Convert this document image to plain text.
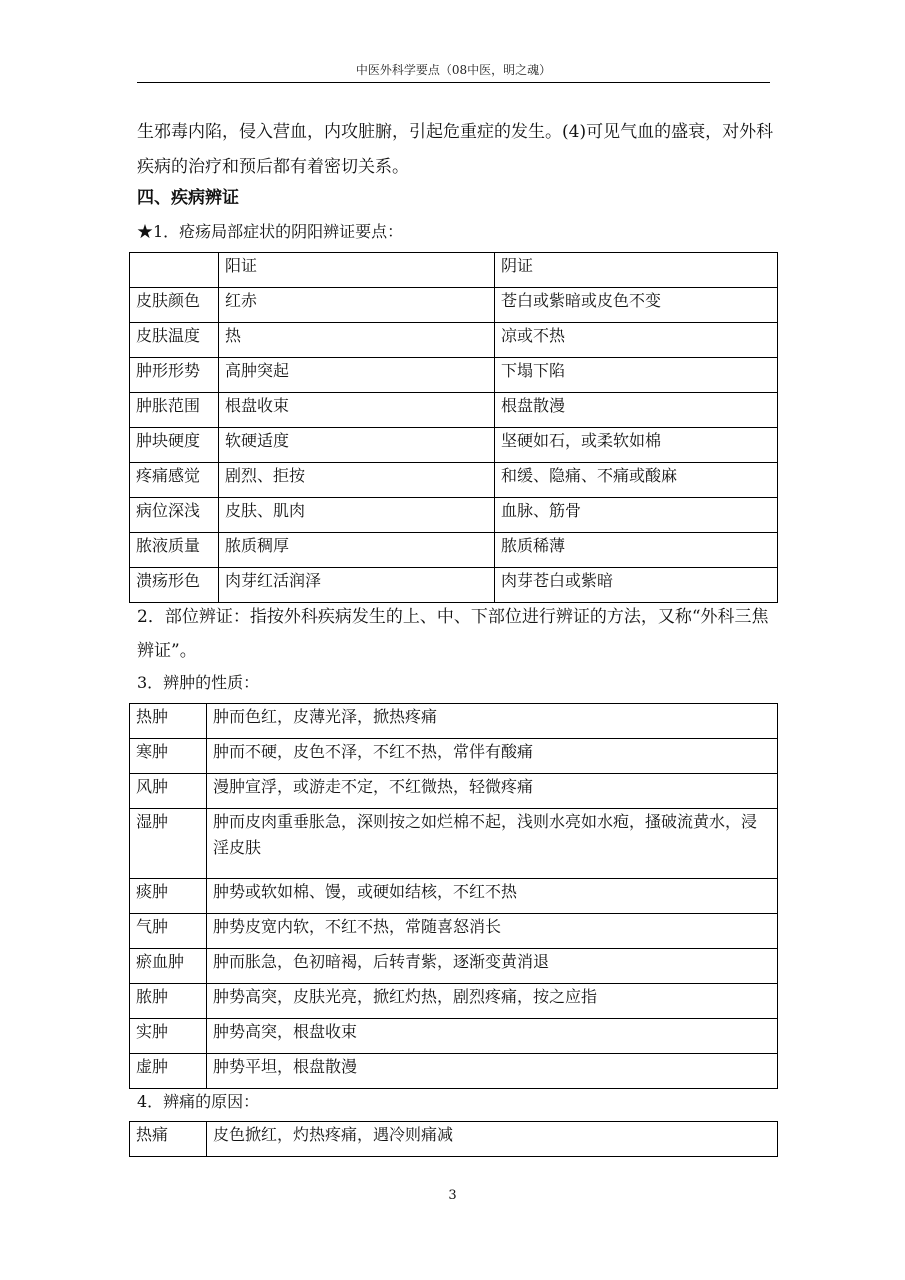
中医外科学要点（08中医，明之魂）

生邪毒内陷，侵入营血，内攻脏腑，引起危重症的发生。(4)可见气血的盛衰，对外科疾病的治疗和预后都有着密切关系。

四、疾病辨证

★1．疮疡局部症状的阴阳辨证要点：

	阳证	阴证
皮肤颜色	红赤	苍白或紫暗或皮色不变
皮肤温度	热	凉或不热
肿形形势	高肿突起	下塌下陷
肿胀范围	根盘收束	根盘散漫
肿块硬度	软硬适度	坚硬如石，或柔软如棉
疼痛感觉	剧烈、拒按	和缓、隐痛、不痛或酸麻
病位深浅	皮肤、肌肉	血脉、筋骨
脓液质量	脓质稠厚	脓质稀薄
溃疡形色	肉芽红活润泽	肉芽苍白或紫暗

2．部位辨证：指按外科疾病发生的上、中、下部位进行辨证的方法，又称“外科三焦辨证”。

3．辨肿的性质：

热肿	肿而色红，皮薄光泽，掀热疼痛
寒肿	肿而不硬，皮色不泽，不红不热，常伴有酸痛
风肿	漫肿宣浮，或游走不定，不红微热，轻微疼痛
湿肿	肿而皮肉重垂胀急，深则按之如烂棉不起，浅则水亮如水疱，搔破流黄水，浸淫皮肤
痰肿	肿势或软如棉、馒，或硬如结核，不红不热
气肿	肿势皮宽内软，不红不热，常随喜怒消长
瘀血肿	肿而胀急，色初暗褐，后转青紫，逐渐变黄消退
脓肿	肿势高突，皮肤光亮，掀红灼热，剧烈疼痛，按之应指
实肿	肿势高突，根盘收束
虚肿	肿势平坦，根盘散漫

4．辨痛的原因：

热痛	皮色掀红，灼热疼痛，遇冷则痛减
3
